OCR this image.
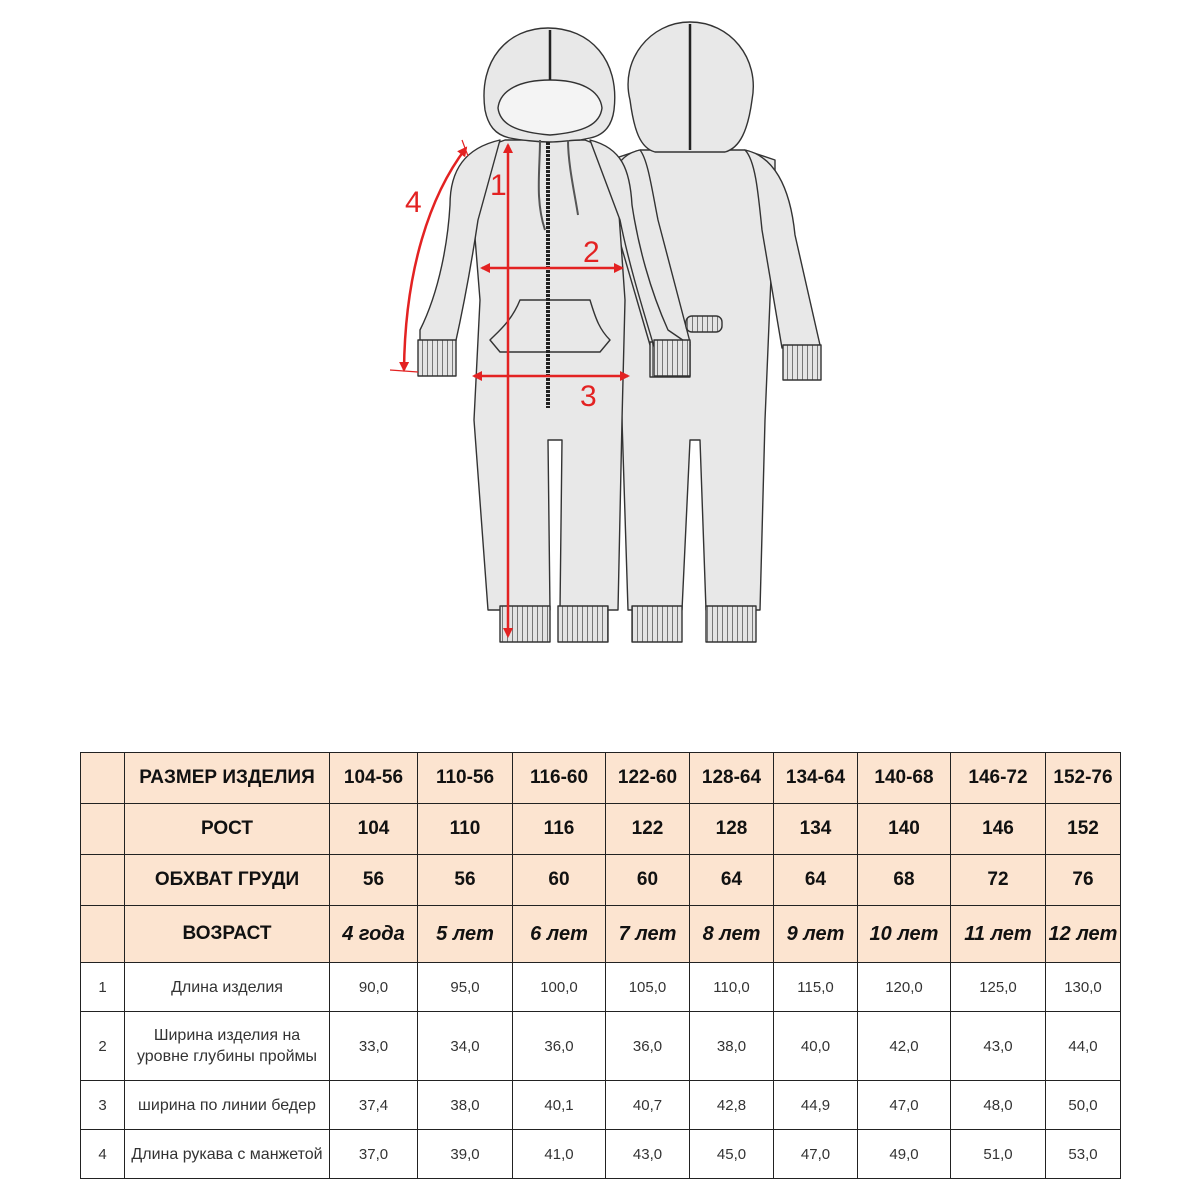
1
2
3
4
	РАЗМЕР ИЗДЕЛИЯ	104-56	110-56	116-60	122-60	128-64	134-64	140-68	146-72	152-76
	РОСТ	104	110	116	122	128	134	140	146	152
	ОБХВАТ ГРУДИ	56	56	60	60	64	64	68	72	76
	ВОЗРАСТ	4 года	5 лет	6 лет	7 лет	8 лет	9 лет	10 лет	11 лет	12 лет
1	Длина изделия	90,0	95,0	100,0	105,0	110,0	115,0	120,0	125,0	130,0
2	Ширина изделия на уровне глубины проймы	33,0	34,0	36,0	36,0	38,0	40,0	42,0	43,0	44,0
3	ширина по линии бедер	37,4	38,0	40,1	40,7	42,8	44,9	47,0	48,0	50,0
4	Длина рукава с манжетой	37,0	39,0	41,0	43,0	45,0	47,0	49,0	51,0	53,0
